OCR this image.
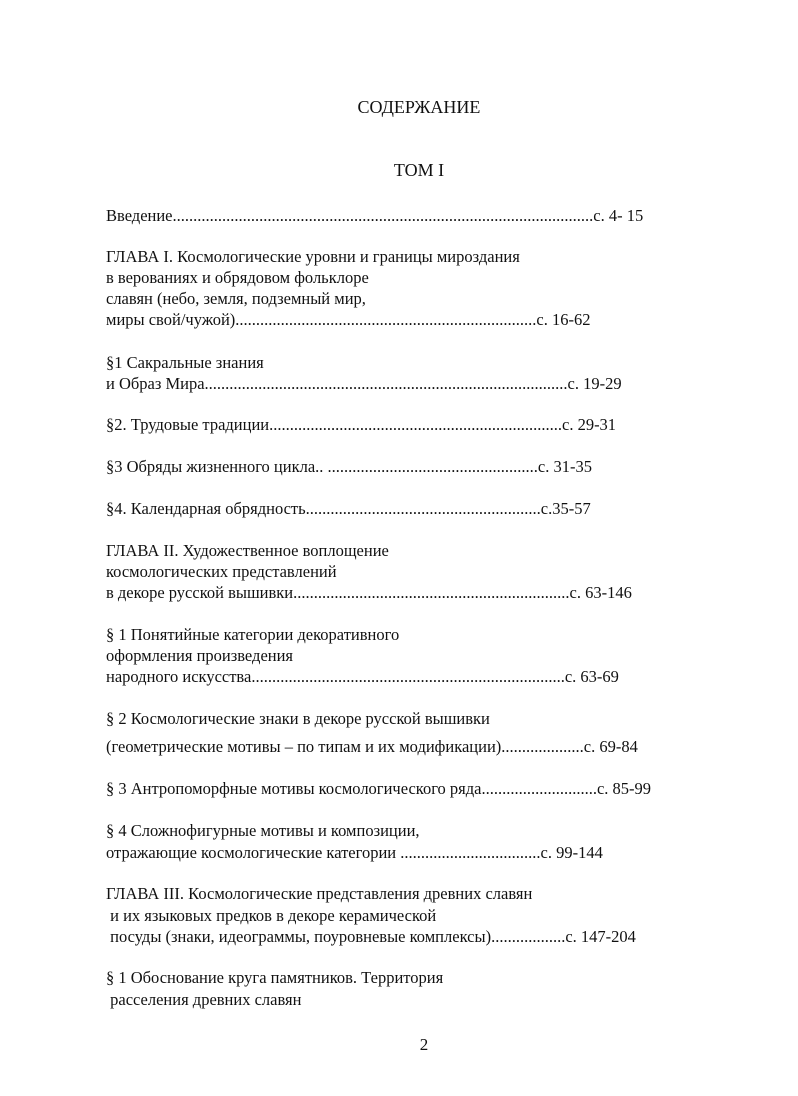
СОДЕРЖАНИЕ
ТОМ I
Введение......................................................................................................с. 4- 15
ГЛАВА I. Космологические уровни и границы мироздания
в верованиях и обрядовом фольклоре
славян (небо, земля, подземный мир,
миры свой/чужой).........................................................................с. 16-62
§1 Сакральные знания
и Образ Мира........................................................................................с. 19-29
§2. Трудовые традиции.......................................................................с. 29-31
§3 Обряды жизненного цикла.. ...................................................с. 31-35
§4. Календарная обрядность.........................................................с.35-57
ГЛАВА II. Художественное воплощение
космологических представлений
в декоре русской вышивки...................................................................с. 63-146
§ 1 Понятийные категории декоративного
оформления произведения
народного искусства............................................................................с. 63-69
§ 2 Космологические знаки в декоре русской вышивки
(геометрические мотивы – по типам и их модификации)....................с. 69-84
§ 3 Антропоморфные мотивы космологического ряда............................с. 85-99
§ 4 Сложнофигурные мотивы и композиции,
отражающие космологические категории ..................................с. 99-144
ГЛАВА III. Космологические представления древних славян
и их языковых предков в декоре керамической
посуды (знаки, идеограммы, поуровневые комплексы)..................с. 147-204
§ 1 Обоснование круга памятников. Территория
расселения древних славян
2
